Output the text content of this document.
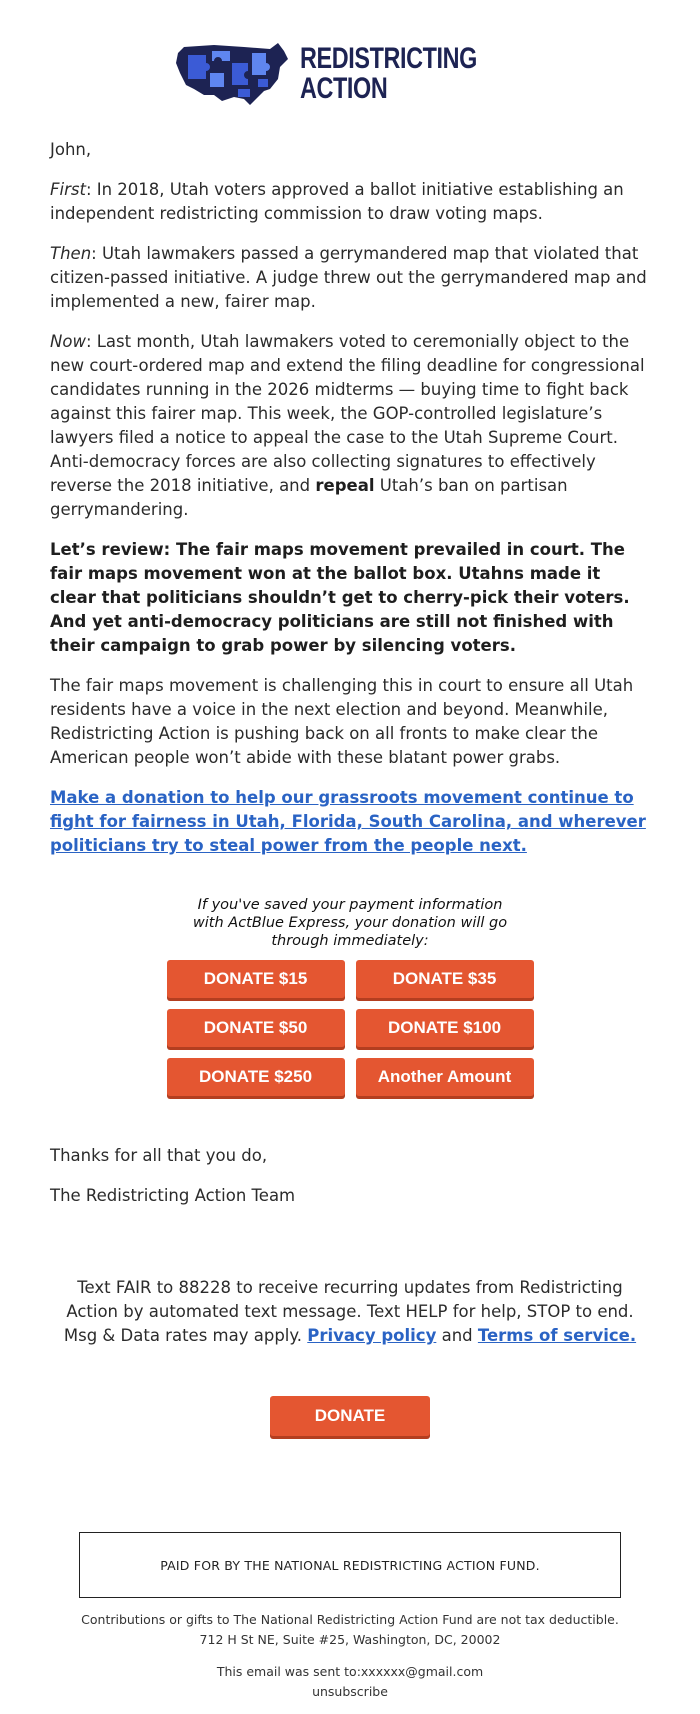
REDISTRICTING
ACTION

John,

First: In 2018, Utah voters approved a ballot initiative establishing an independent redistricting commission to draw voting maps.

Then: Utah lawmakers passed a gerrymandered map that violated that citizen-passed initiative. A judge threw out the gerrymandered map and implemented a new, fairer map.

Now: Last month, Utah lawmakers voted to ceremonially object to the new court-ordered map and extend the filing deadline for congressional candidates running in the 2026 midterms — buying time to fight back against this fairer map. This week, the GOP-controlled legislature’s lawyers filed a notice to appeal the case to the Utah Supreme Court. Anti-democracy forces are also collecting signatures to effectively reverse the 2018 initiative, and repeal Utah’s ban on partisan gerrymandering.

Let’s review: The fair maps movement prevailed in court. The fair maps movement won at the ballot box. Utahns made it clear that politicians shouldn’t get to cherry-pick their voters. And yet anti-democracy politicians are still not finished with their campaign to grab power by silencing voters.

The fair maps movement is challenging this in court to ensure all Utah residents have a voice in the next election and beyond. Meanwhile, Redistricting Action is pushing back on all fronts to make clear the American people won’t abide with these blatant power grabs.

Make a donation to help our grassroots movement continue to fight for fairness in Utah, Florida, South Carolina, and wherever politicians try to steal power from the people next.

If you've saved your payment information with ActBlue Express, your donation will go through immediately:
DONATE $15	DONATE $35
DONATE $50	DONATE $100
DONATE $250	Another Amount

Thanks for all that you do,

The Redistricting Action Team

Text FAIR to 88228 to receive recurring updates from Redistricting Action by automated text message. Text HELP for help, STOP to end. Msg & Data rates may apply. Privacy policy and Terms of service.
DONATE
PAID FOR BY THE NATIONAL REDISTRICTING ACTION FUND.
Contributions or gifts to The National Redistricting Action Fund are not tax deductible.
712 H St NE, Suite #25, Washington, DC, 20002
This email was sent to:xxxxxx@gmail.com
unsubscribe
